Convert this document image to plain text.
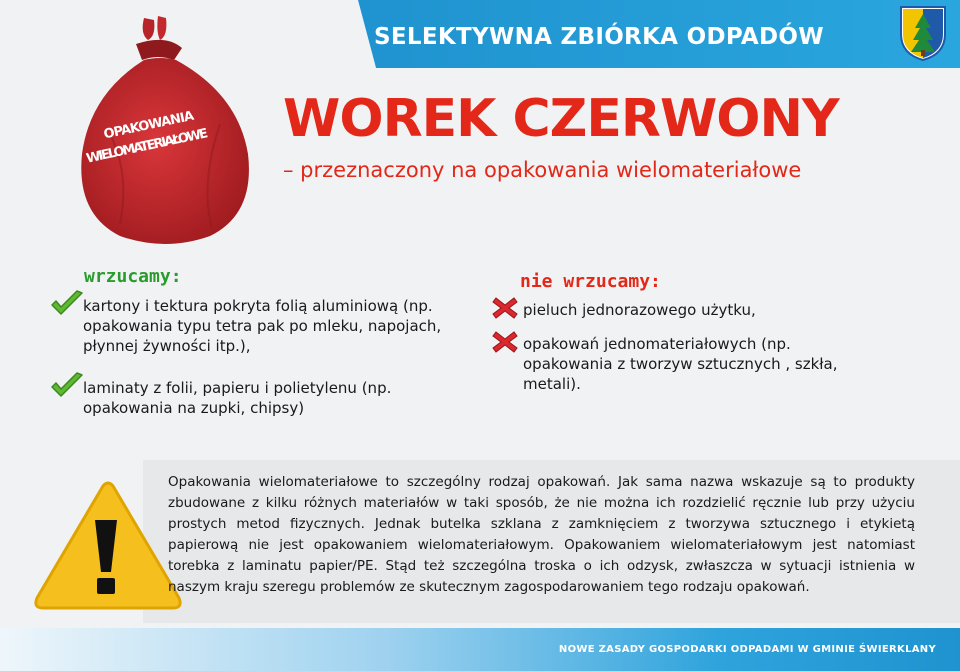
SELEKTYWNA ZBIÓRKA ODPADÓW
WOREK CZERWONY
– przeznaczony na opakowania wielomateriałowe
OPAKOWANIA
WIELOMATERIAŁOWE
wrzucamy:
kartony i tektura pokryta folią aluminiową (np. opakowania typu tetra pak po mleku, napojach, płynnej żywności itp.),
laminaty z folii, papieru i polietylenu (np. opakowania na zupki, chipsy)
nie wrzucamy:
pieluch jednorazowego użytku,
opakowań jednomateriałowych (np. opakowania z tworzyw sztucznych , szkła, metali).
Opakowania wielomateriałowe to szczególny rodzaj opakowań. Jak sama nazwa wskazuje są to produkty zbudowane z kilku różnych materiałów w taki sposób, że nie można ich rozdzielić ręcznie lub przy użyciu prostych metod fizycznych. Jednak butelka szklana z zamknięciem z tworzywa sztucznego i etykietą papierową nie jest opakowaniem wielomateriałowym. Opakowaniem wielomateriałowym jest natomiast torebka z laminatu papier/PE. Stąd też szczególna troska o ich odzysk, zwłaszcza w sytuacji istnienia w naszym kraju szeregu problemów ze skutecznym zagospodarowaniem tego rodzaju opakowań.
NOWE ZASADY GOSPODARKI ODPADAMI W GMINIE ŚWIERKLANY
